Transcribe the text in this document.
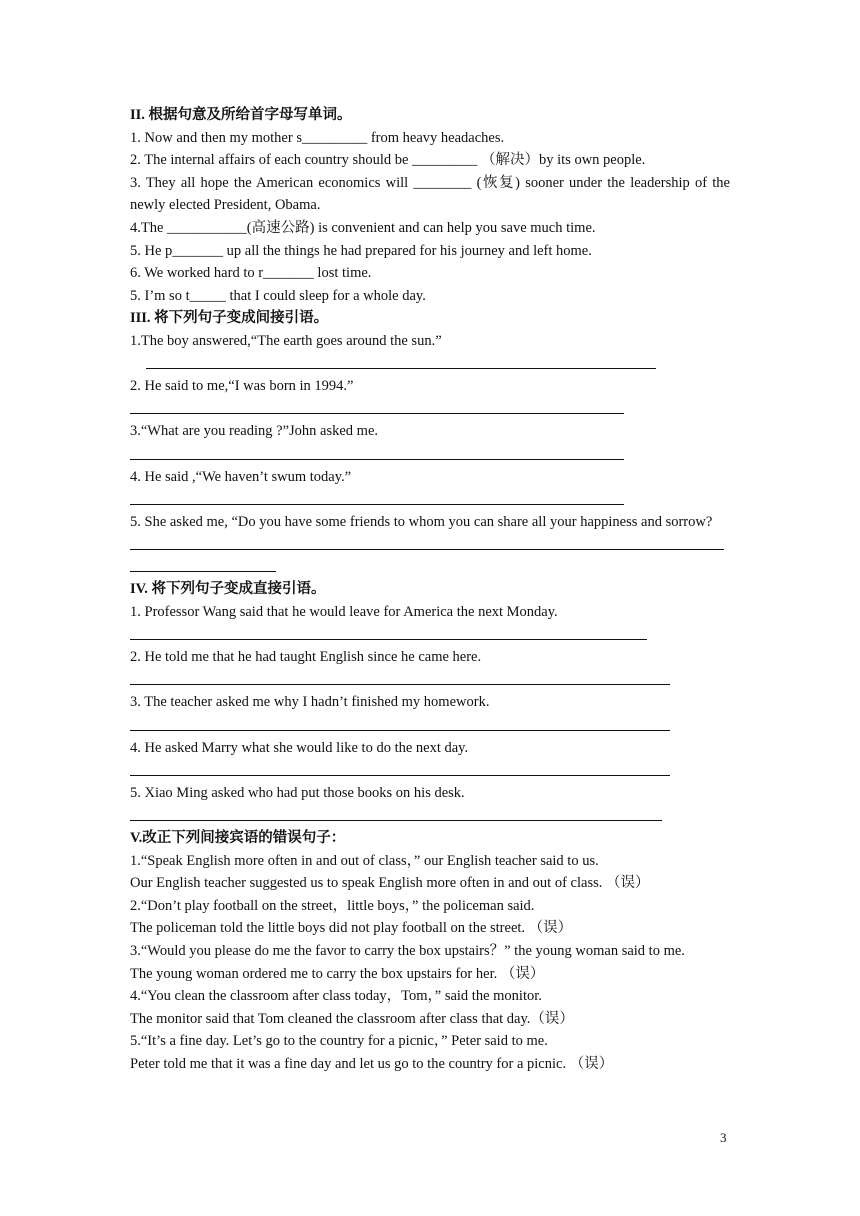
II. 根据句意及所给首字母写单词。
1. Now and then my mother s_________ from heavy headaches.
2. The internal affairs of each country should be _________ （解决）by its own people.
3. They all hope the American economics will ________ (恢复) sooner under the leadership of the newly elected President, Obama.
4.The ___________(高速公路) is convenient and can help you save much time.
5. He p_______ up all the things he had prepared for his journey and left home.
6. We worked hard to r_______ lost time.
5. I’m so t_____ that I could sleep for a whole day.
III. 将下列句子变成间接引语。
1.The boy answered,“The earth goes around the sun.”
2. He said to me,“I was born in 1994.”
3.“What are you reading ?”John asked me.
4. He said ,“We haven’t swum today.”
5. She asked me, “Do you have some friends to whom you can share all your happiness and sorrow?
IV. 将下列句子变成直接引语。
1. Professor Wang said that he would leave for America the next Monday.
2. He told me that he had taught English since he came here.
3. The teacher asked me why I hadn’t finished my homework.
4. He asked Marry what she would like to do the next day.
5. Xiao Ming asked who had put those books on his desk.
V.改正下列间接宾语的错误句子：
1.“Speak English more often in and out of class，” our English teacher said to us.
Our English teacher suggested us to speak English more often in and out of class. （误）
2.“Don’t play football on the street，little boys，” the policeman said.
The policeman told the little boys did not play football on the street. （误）
3.“Would you please do me the favor to carry the box upstairs？” the young woman said to me.
The young woman ordered me to carry the box upstairs for her. （误）
4.“You clean the classroom after class today，Tom，” said the monitor.
The monitor said that Tom cleaned the classroom after class that day.（误）
5.“It’s a fine day. Let’s go to the country for a picnic，” Peter said to me.
Peter told me that it was a fine day and let us go to the country for a picnic. （误）
3
